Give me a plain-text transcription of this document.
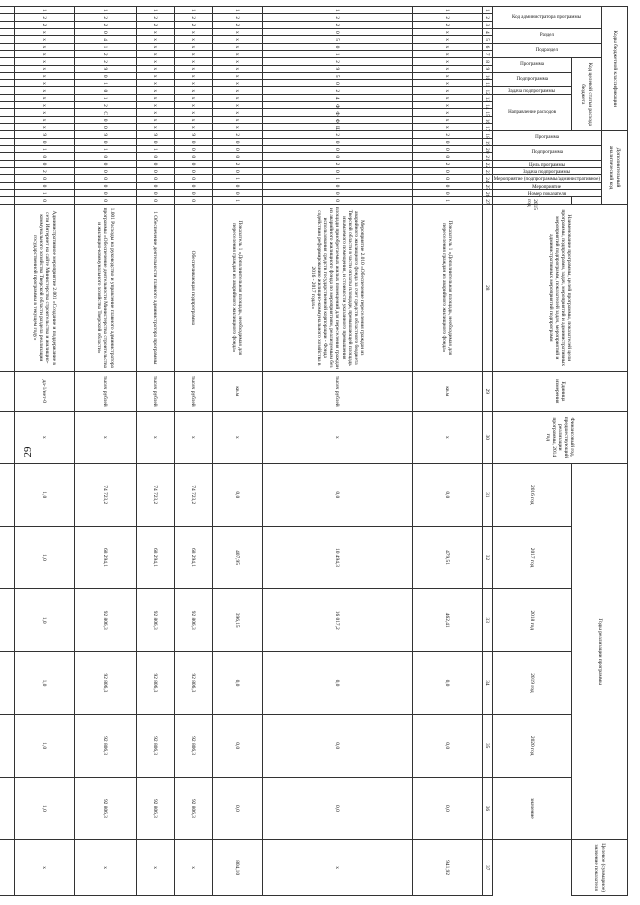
29
Коды бюджетной классификации																	Дополнительный аналитический код										Наименование программы, целей программы, показателей цели программы, подпрограмм, задач, мероприятий и административных мероприятий подпрограмм, показателей задач, мероприятий и административных мероприятий подпрограмм	Единица измерения	Финансовый год, предшествующий реализации программы, 2014 год	Годы реализации программы						Целевое (суммарное) значение показателя

Код администратора программы			Раздел		Подраздел		Код целевой статьи расхода бюджета										Программа		Подпрограмма		Цель программы	Задача подпрограммы	Мероприятие (подпрограммы/административное)	Мероприятие	Номер показателя											

							Программа		Подпрограмма		Задача подпрограммы	Направление расходов														2015 год				2016 год	2017 год	2018 год	2019 год	2020 год	значение	

1	2	3	4	5	6	7	8	9	10	11	12	13	14	15	16	17	18	19	20	21	22	23	24	25	26	27	28	29	30	31	32	33	34	35	36	37
1	2	2	х	х	х	х	х	х	х	х	х	х	х	х	х	х	2	0	0	0	2	0	0	0	0	1	Показатель 1 «Дополнительная площадь, необходимая для переселения граждан из аварийного жилищного фонда»	кв.м	х	0,0	479,51	462,41	0,0	0,0	0,0	941,92
1	2	2	0	5	0	1	2	9	5	0	2	4	Ф	Ф	Ф	Ш	2	0	0	0	2	0	1	0	0	0	Мероприятие 2.010 «Обеспечение переселения граждан из аварийного жилищного фонда за счет средств областного бюджета Тверской области в части оплаты площади, превышающей площадь изымаемого помещения, и стоимости указанного превышения площади приобретаемых жилых помещений для переселения граждан из аварийного жилищного фонда по мероприятиям, реализуемым без использования средств государственной корпорации - Фонда содействия реформированию жилищно-коммунального хозяйства в 2016 - 2017 годах»	тысяч рублей	х	0,0	10 494,3	16 017,2	0,0	0,0	0,0	х
1	2	2	х	х	х	х	х	х	х	х	х	х	х	х	х	х	2	0	0	0	2	0	1	0	0	1	Показатель 1 «Дополнительная площадь, необходимая для переселения граждан из аварийного жилищного фонда»	кв.м	х	0,0	407,95	396,15	0,0	0,0	0,0	804,10
1	2	2	х	х	х	х	х	х	х	х	х	х	х	х	х	х	9	0	0	0	0	0	0	0	0	0	Обеспечивающая подпрограмма	тысяч рублей	х	74 723,2	68 294,1	92 806,3	92 806,3	92 806,3	92 806,3	х
1	2	2	х	х	х	х	х	х	х	х	х	х	х	х	х	х	9	0	1	0	0	0	0	0	0	0	1 Обеспечение деятельности главного администратора программы	тысяч рублей	х	74 723,2	68 294,1	92 806,3	92 806,3	92 806,3	92 806,3	х
1	2	2	0	4	1	2	2	9	0	1	0	1	2	С	0	0	9	0	1	0	0	0	0	0	0	0	1.001 Расходы на руководство и управление главного администратора программы «Обеспечение деятельности Министерства строительства и жилищно-коммунального хозяйства Тверской области»	тысяч рублей	х	74 723,2	68 294,1	92 806,3	92 806,3	92 806,3	92 806,3	х
1	2	2	х	х	х	х	х	х	х	х	х	х	х	х	х	х	9	0	1	0	0	2	0	0	1	0	Административное мероприятие 2.001 «Создание и поддержание в сети Интернет на сайте Министерства строительства и жилищно-коммунального хозяйства Тверской области раздела реализации государственной программы в текущем году»	да-1/нет-0	х	1,0	1,0	1,0	1,0	1,0	1,0	х
